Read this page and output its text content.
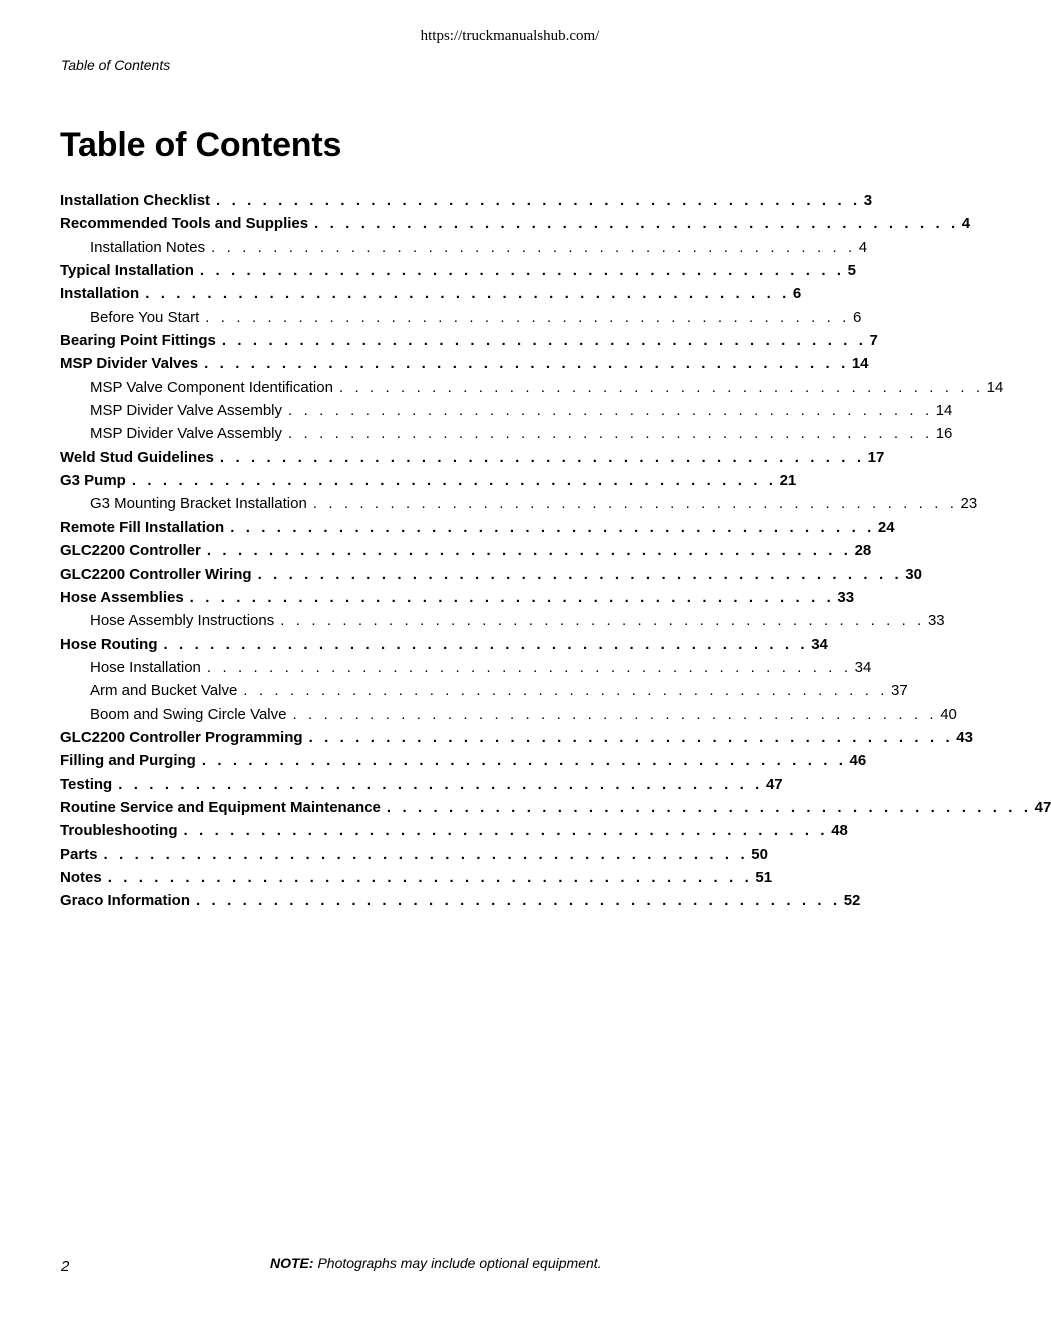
https://truckmanualshub.com/
Table of Contents
Table of Contents
Installation Checklist . . . . . . . . . . . . . . . . . . . . . . . . . . . . . . . . . . . . . . . . . . 3
Recommended Tools and Supplies . . . . . . . . . . . . . . . . . . . . . . . . . . . . . . . . . . . . . . . . . . 4
Installation Notes . . . . . . . . . . . . . . . . . . . . . . . . . . . . . . . . . . . . . . . . . . 4
Typical Installation . . . . . . . . . . . . . . . . . . . . . . . . . . . . . . . . . . . . . . . . . . 5
Installation . . . . . . . . . . . . . . . . . . . . . . . . . . . . . . . . . . . . . . . . . . 6
Before You Start . . . . . . . . . . . . . . . . . . . . . . . . . . . . . . . . . . . . . . . . . . 6
Bearing Point Fittings . . . . . . . . . . . . . . . . . . . . . . . . . . . . . . . . . . . . . . . . . . 7
MSP Divider Valves . . . . . . . . . . . . . . . . . . . . . . . . . . . . . . . . . . . . . . . . . . 14
MSP Valve Component Identification . . . . . . . . . . . . . . . . . . . . . . . . . . . . . . . . . . . . . . . . . . 14
MSP Divider Valve Assembly . . . . . . . . . . . . . . . . . . . . . . . . . . . . . . . . . . . . . . . . . . 14
MSP Divider Valve Assembly . . . . . . . . . . . . . . . . . . . . . . . . . . . . . . . . . . . . . . . . . . 16
Weld Stud Guidelines . . . . . . . . . . . . . . . . . . . . . . . . . . . . . . . . . . . . . . . . . . 17
G3 Pump . . . . . . . . . . . . . . . . . . . . . . . . . . . . . . . . . . . . . . . . . . 21
G3 Mounting Bracket Installation . . . . . . . . . . . . . . . . . . . . . . . . . . . . . . . . . . . . . . . . . . 23
Remote Fill Installation . . . . . . . . . . . . . . . . . . . . . . . . . . . . . . . . . . . . . . . . . . 24
GLC2200 Controller . . . . . . . . . . . . . . . . . . . . . . . . . . . . . . . . . . . . . . . . . . 28
GLC2200 Controller Wiring . . . . . . . . . . . . . . . . . . . . . . . . . . . . . . . . . . . . . . . . . . 30
Hose Assemblies . . . . . . . . . . . . . . . . . . . . . . . . . . . . . . . . . . . . . . . . . . 33
Hose Assembly Instructions . . . . . . . . . . . . . . . . . . . . . . . . . . . . . . . . . . . . . . . . . . 33
Hose Routing . . . . . . . . . . . . . . . . . . . . . . . . . . . . . . . . . . . . . . . . . . 34
Hose Installation . . . . . . . . . . . . . . . . . . . . . . . . . . . . . . . . . . . . . . . . . . 34
Arm and Bucket Valve . . . . . . . . . . . . . . . . . . . . . . . . . . . . . . . . . . . . . . . . . . 37
Boom and Swing Circle Valve . . . . . . . . . . . . . . . . . . . . . . . . . . . . . . . . . . . . . . . . . . 40
GLC2200 Controller Programming . . . . . . . . . . . . . . . . . . . . . . . . . . . . . . . . . . . . . . . . . . 43
Filling and Purging . . . . . . . . . . . . . . . . . . . . . . . . . . . . . . . . . . . . . . . . . . 46
Testing . . . . . . . . . . . . . . . . . . . . . . . . . . . . . . . . . . . . . . . . . . 47
Routine Service and Equipment Maintenance . . . . . . . . . . . . . . . . . . . . . . . . . . . . . . . . . . . . . . . . . . 47
Troubleshooting . . . . . . . . . . . . . . . . . . . . . . . . . . . . . . . . . . . . . . . . . . 48
Parts . . . . . . . . . . . . . . . . . . . . . . . . . . . . . . . . . . . . . . . . . . 50
Notes . . . . . . . . . . . . . . . . . . . . . . . . . . . . . . . . . . . . . . . . . . 51
Graco Information . . . . . . . . . . . . . . . . . . . . . . . . . . . . . . . . . . . . . . . . . . 52
2	NOTE: Photographs may include optional equipment.
